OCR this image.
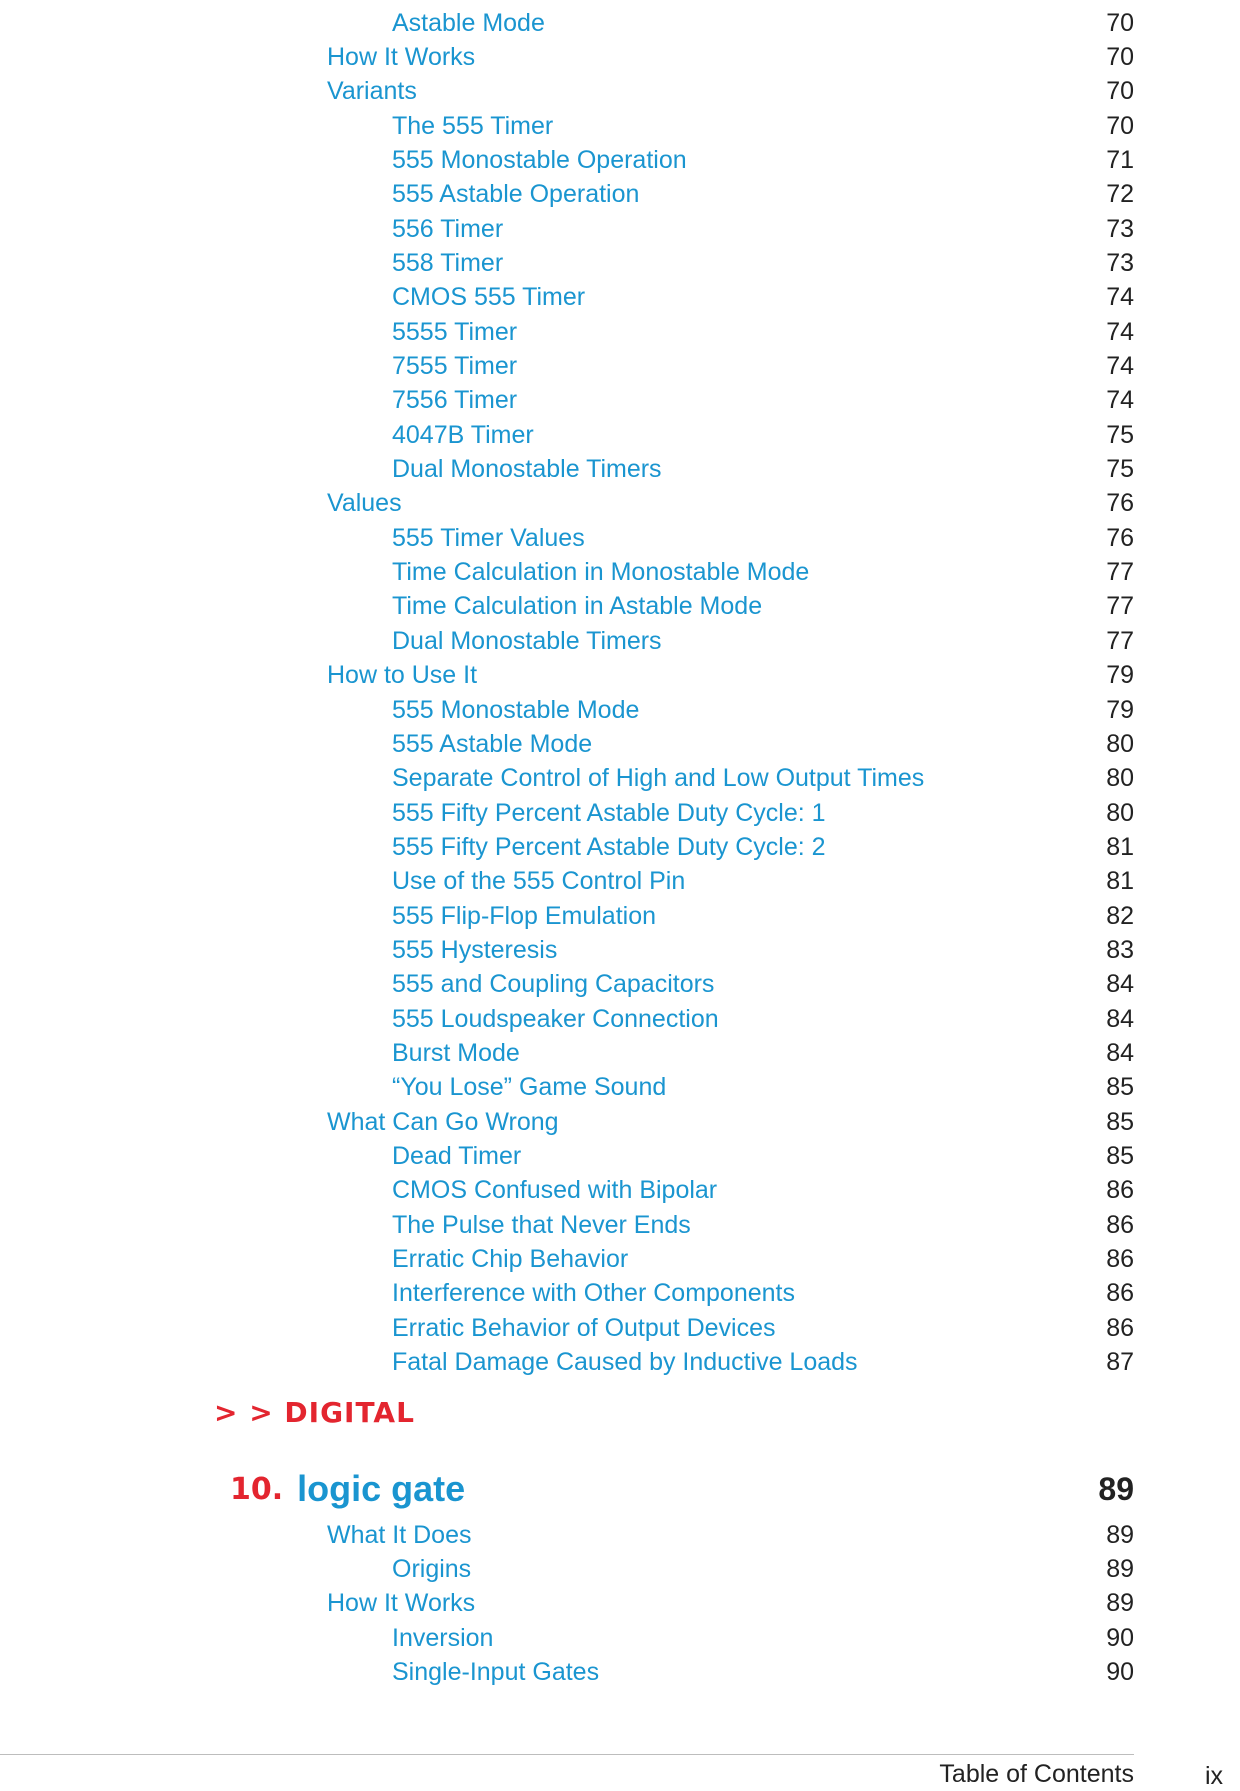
Astable Mode	70
How It Works	70
Variants	70
The 555 Timer	70
555 Monostable Operation	71
555 Astable Operation	72
556 Timer	73
558 Timer	73
CMOS 555 Timer	74
5555 Timer	74
7555 Timer	74
7556 Timer	74
4047B Timer	75
Dual Monostable Timers	75
Values	76
555 Timer Values	76
Time Calculation in Monostable Mode	77
Time Calculation in Astable Mode	77
Dual Monostable Timers	77
How to Use It	79
555 Monostable Mode	79
555 Astable Mode	80
Separate Control of High and Low Output Times	80
555 Fifty Percent Astable Duty Cycle: 1	80
555 Fifty Percent Astable Duty Cycle: 2	81
Use of the 555 Control Pin	81
555 Flip-Flop Emulation	82
555 Hysteresis	83
555 and Coupling Capacitors	84
555 Loudspeaker Connection	84
Burst Mode	84
“You Lose” Game Sound	85
What Can Go Wrong	85
Dead Timer	85
CMOS Confused with Bipolar	86
The Pulse that Never Ends	86
Erratic Chip Behavior	86
Interference with Other Components	86
Erratic Behavior of Output Devices	86
Fatal Damage Caused by Inductive Loads	87
> > DIGITAL
10. logic gate	89
What It Does	89
Origins	89
How It Works	89
Inversion	90
Single-Input Gates	90
Table of Contents	ix
